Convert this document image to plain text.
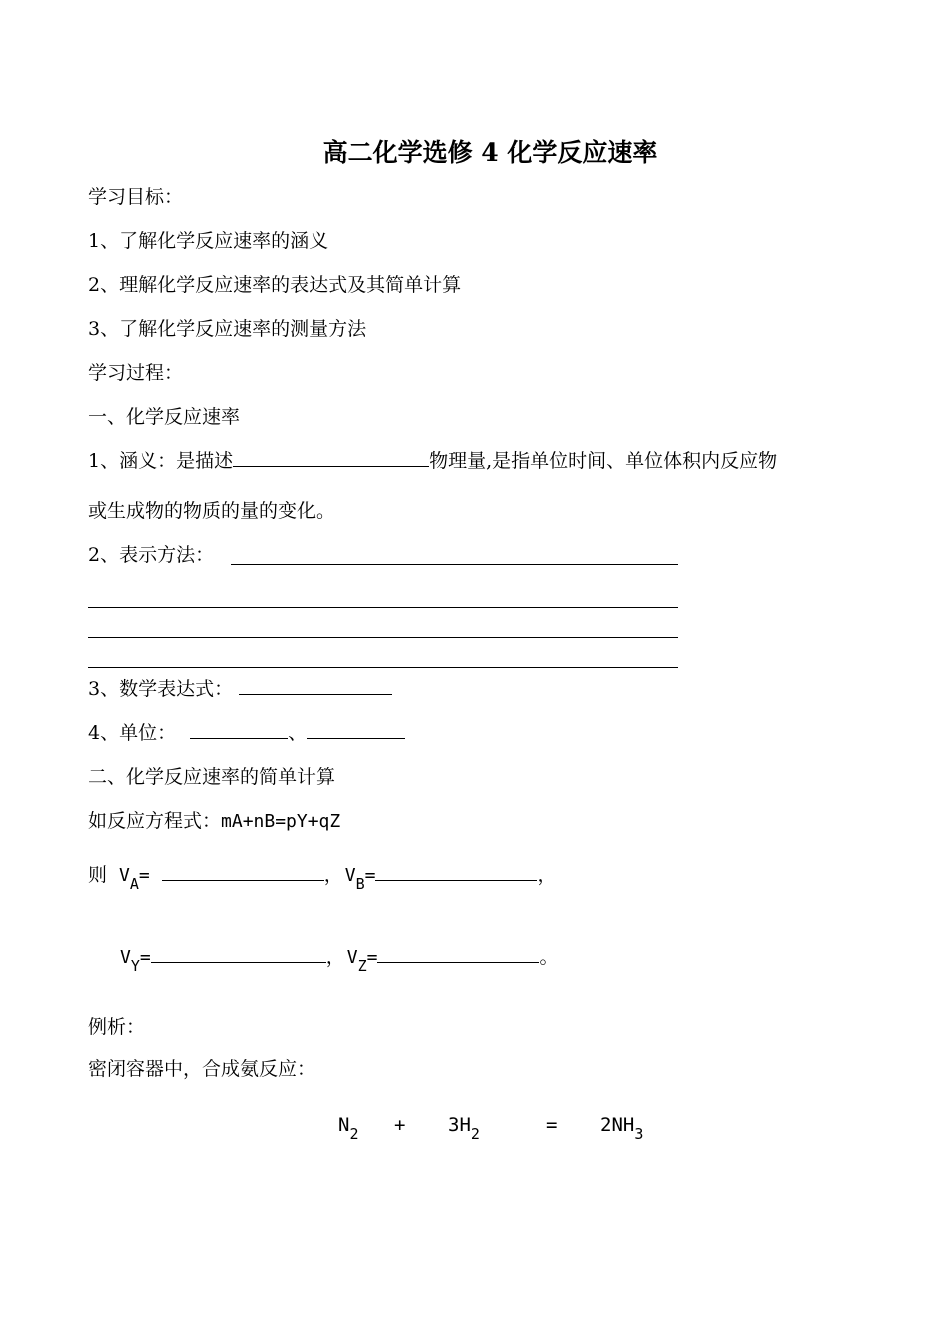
高二化学选修 4 化学反应速率
学习目标：
1、了解化学反应速率的涵义
2、理解化学反应速率的表达式及其简单计算
3、了解化学反应速率的测量方法
学习过程：
一、化学反应速率
1、涵义：是描述	物理量,是指单位时间、单位体积内反应物
或生成物的物质的量的变化。
2、表示方法：
3、数学表达式：
4、单位：	、
二、化学反应速率的简单计算
如反应方程式：mA+nB=pY+qZ
则 $V_A=$	， $V_B=$	，
$V_Y=$	， $V_Z=$	。
例析：
密闭容器中，合成氨反应：
$N_2 + 3H_2$	= $2NH_3$
